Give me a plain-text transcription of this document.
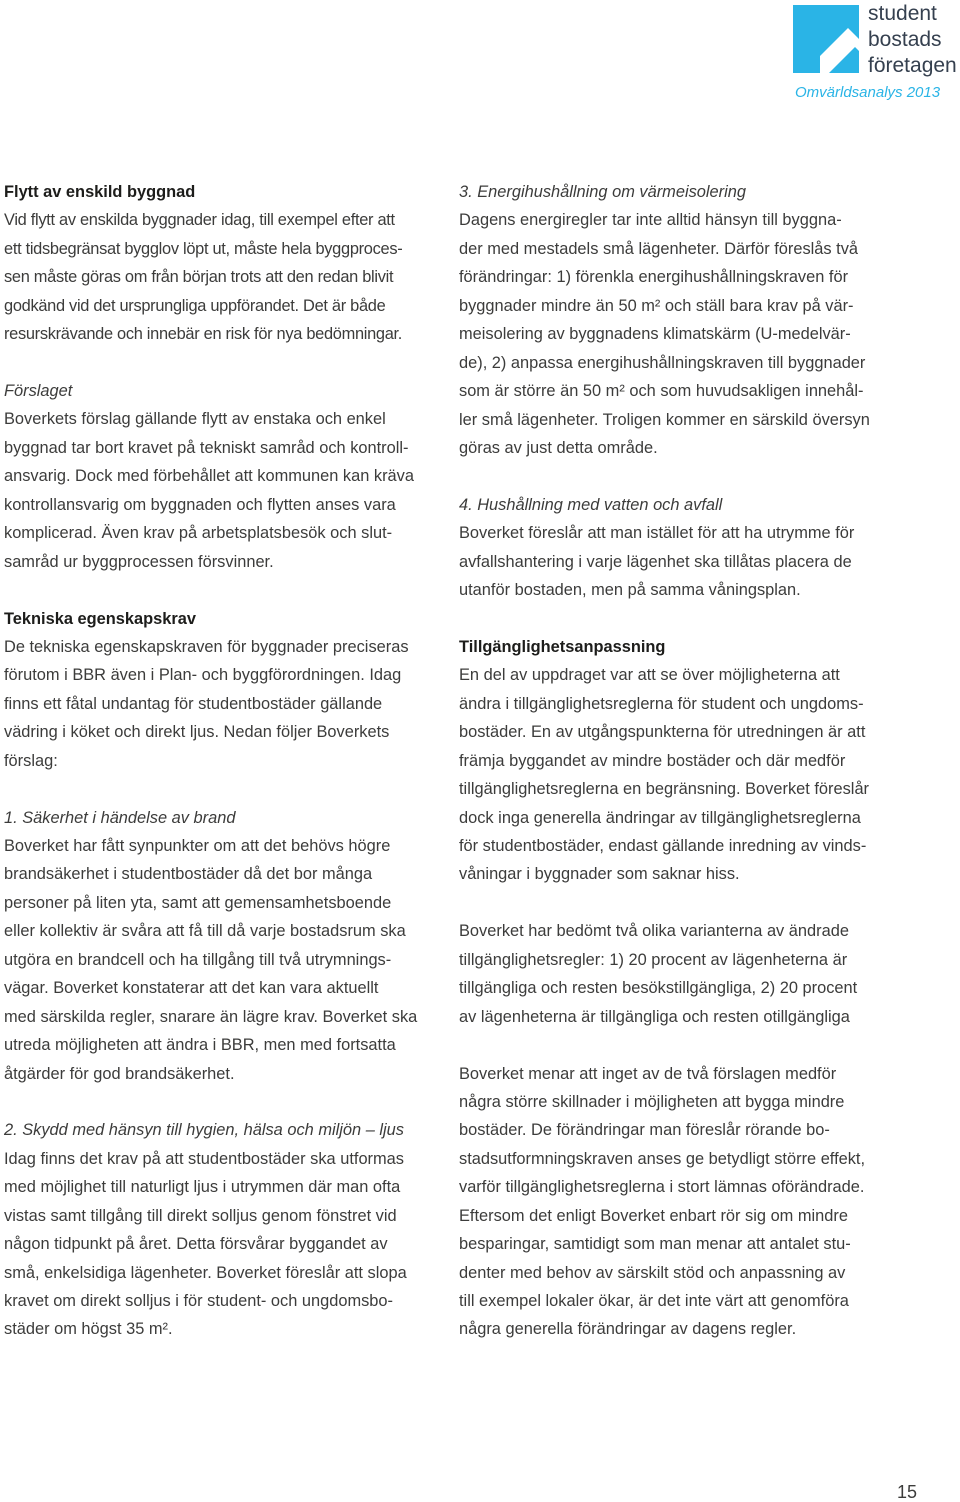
student
bostads
företagen
Omvärldsanalys 2013
Flytt av enskild byggnad
Vid flytt av enskilda byggnader idag, till exempel efter att
ett tidsbegränsat bygglov löpt ut, måste hela byggproces-
sen måste göras om från början trots att den redan blivit
godkänd vid det ursprungliga uppförandet. Det är både
resurskrävande och innebär en risk för nya bedömningar.
Förslaget
Boverkets förslag gällande flytt av enstaka och enkel
byggnad tar bort kravet på tekniskt samråd och kontroll-
ansvarig. Dock med förbehållet att kommunen kan kräva
kontrollansvarig om byggnaden och flytten anses vara
komplicerad. Även krav på arbetsplatsbesök och slut-
samråd ur byggprocessen försvinner.
Tekniska egenskapskrav
De tekniska egenskapskraven för byggnader preciseras
förutom i BBR även i Plan- och byggförordningen. Idag
finns ett fåtal undantag för studentbostäder gällande
vädring i köket och direkt ljus. Nedan följer Boverkets
förslag:
1. Säkerhet i händelse av brand
Boverket har fått synpunkter om att det behövs högre
brandsäkerhet i studentbostäder då det bor många
personer på liten yta, samt att gemensamhetsboende
eller kollektiv är svåra att få till då varje bostadsrum ska
utgöra en brandcell och ha tillgång till två utrymnings-
vägar. Boverket konstaterar att det kan vara aktuellt
med särskilda regler, snarare än lägre krav. Boverket ska
utreda möjligheten att ändra i BBR, men med fortsatta
åtgärder för god brandsäkerhet.
2. Skydd med hänsyn till hygien, hälsa och miljön – ljus
Idag finns det krav på att studentbostäder ska utformas
med möjlighet till naturligt ljus i utrymmen där man ofta
vistas samt tillgång till direkt solljus genom fönstret vid
någon tidpunkt på året. Detta försvårar byggandet av
små, enkelsidiga lägenheter. Boverket föreslår att slopa
kravet om direkt solljus i för student- och ungdomsbo-
städer om högst 35 m².
3. Energihushållning om värmeisolering
Dagens energiregler tar inte alltid hänsyn till byggna-
der med mestadels små lägenheter. Därför föreslås två
förändringar: 1) förenkla energihushållningskraven för
byggnader mindre än 50 m² och ställ bara krav på vär-
meisolering av byggnadens klimatskärm (U-medelvär-
de), 2) anpassa energihushållningskraven till byggnader
som är större än 50 m² och som huvudsakligen innehål-
ler små lägenheter. Troligen kommer en särskild översyn
göras av just detta område.
4. Hushållning med vatten och avfall
Boverket föreslår att man istället för att ha utrymme för
avfallshantering i varje lägenhet ska tillåtas placera de
utanför bostaden, men på samma våningsplan.
Tillgänglighetsanpassning
En del av uppdraget var att se över möjligheterna att
ändra i tillgänglighetsreglerna för student och ungdoms-
bostäder. En av utgångspunkterna för utredningen är att
främja byggandet av mindre bostäder och där medför
tillgänglighetsreglerna en begränsning. Boverket föreslår
dock inga generella ändringar av tillgänglighetsreglerna
för studentbostäder, endast gällande inredning av vinds-
våningar i byggnader som saknar hiss.
Boverket har bedömt två olika varianterna av ändrade
tillgänglighetsregler: 1) 20 procent av lägenheterna är
tillgängliga och resten besökstillgängliga, 2) 20 procent
av lägenheterna är tillgängliga och resten otillgängliga
Boverket menar att inget av de två förslagen medför
några större skillnader i möjligheten att bygga mindre
bostäder. De förändringar man föreslår rörande bo-
stadsutformningskraven anses ge betydligt större effekt,
varför tillgänglighetsreglerna i stort lämnas oförändrade.
Eftersom det enligt Boverket enbart rör sig om mindre
besparingar, samtidigt som man menar att antalet stu-
denter med behov av särskilt stöd och anpassning av
till exempel lokaler ökar, är det inte värt att genomföra
några generella förändringar av dagens regler.
15
